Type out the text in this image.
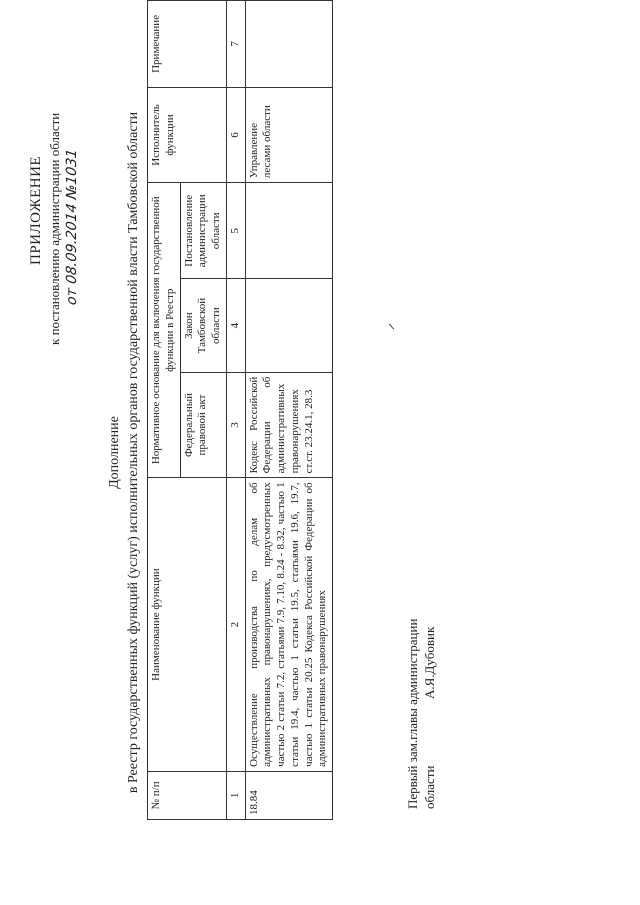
ПРИЛОЖЕНИЕ к постановлению администрации области от 08.09.2014 №1031
Дополнение в Реестр государственных функций (услуг) исполнительных органов государственной власти Тамбовской области
№ п/п	Наименование функции	Нормативное основание для включения государственной функции в Реестр			Исполнитель функции	Примечание
		Федеральный правовой акт	Закон Тамбовской области	Постановление администрации области		
1	2	3	4	5	6	7
18.84	Осуществление производства по делам об административных правонарушениях, предусмотренных частью 2 статьи 7.2, статьями 7.9, 7.10, 8.24 - 8.32, частью 1 статьи 19.4, частью 1 статьи 19.5, статьями 19.6, 19.7, частью 1 статьи 20.25 Кодекса Российской Федерации об административных правонарушениях	Кодекс Российской Федерации об административных правонарушениях ст.ст. 23.24.1, 28.3			Управление лесами области	
Первый зам.главы администрации области
А.Я.Дубовик
